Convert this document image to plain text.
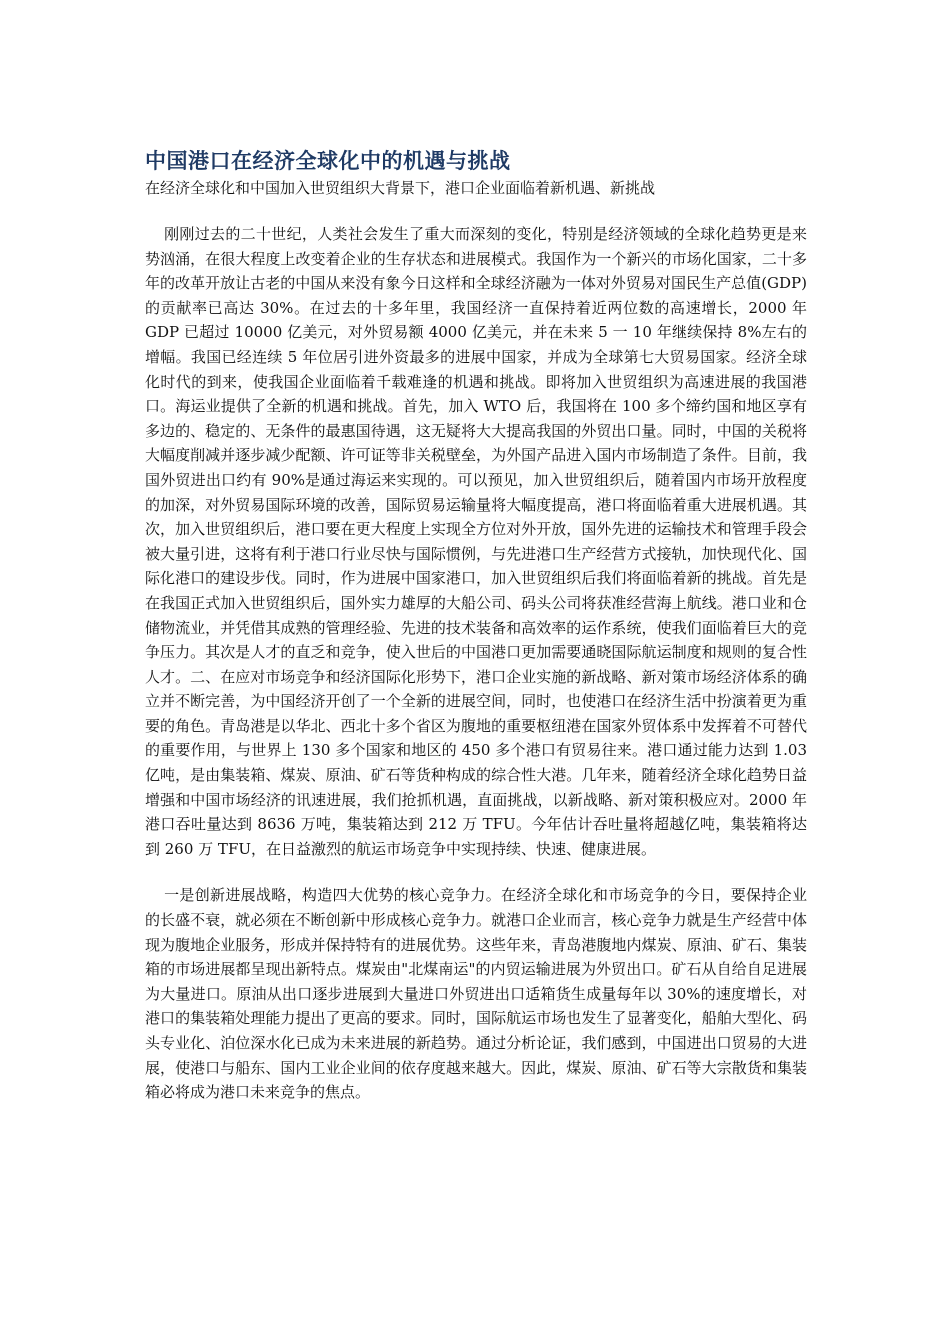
中国港口在经济全球化中的机遇与挑战

在经济全球化和中国加入世贸组织大背景下，港口企业面临着新机遇、新挑战

刚刚过去的二十世纪，人类社会发生了重大而深刻的变化，特别是经济领域的全球化趋势更是来势汹涌，在很大程度上改变着企业的生存状态和进展模式。我国作为一个新兴的市场化国家，二十多年的改革开放让古老的中国从来没有象今日这样和全球经济融为一体对外贸易对国民生产总值(GDP)的贡献率已高达 30%。在过去的十多年里，我国经济一直保持着近两位数的高速增长，2000 年 GDP 已超过 10000 亿美元，对外贸易额 4000 亿美元，并在未来 5 一 10 年继续保持 8%左右的增幅。我国已经连续 5 年位居引进外资最多的进展中国家，并成为全球第七大贸易国家。经济全球化时代的到来，使我国企业面临着千载难逢的机遇和挑战。即将加入世贸组织为高速进展的我国港口。海运业提供了全新的机遇和挑战。首先，加入 WTO 后，我国将在 100 多个缔约国和地区享有多边的、稳定的、无条件的最惠国待遇，这无疑将大大提高我国的外贸出口量。同时，中国的关税将大幅度削减并逐步减少配额、许可证等非关税壁垒，为外国产品进入国内市场制造了条件。目前，我国外贸进出口约有 90%是通过海运来实现的。可以预见，加入世贸组织后，随着国内市场开放程度的加深，对外贸易国际环境的改善，国际贸易运输量将大幅度提高，港口将面临着重大进展机遇。其次，加入世贸组织后，港口要在更大程度上实现全方位对外开放，国外先进的运输技术和管理手段会被大量引进，这将有利于港口行业尽快与国际惯例，与先进港口生产经营方式接轨，加快现代化、国际化港口的建设步伐。同时，作为进展中国家港口，加入世贸组织后我们将面临着新的挑战。首先是在我国正式加入世贸组织后，国外实力雄厚的大船公司、码头公司将获准经营海上航线。港口业和仓储物流业，并凭借其成熟的管理经验、先进的技术装备和高效率的运作系统，使我们面临着巨大的竞争压力。其次是人才的直乏和竞争，使入世后的中国港口更加需要通晓国际航运制度和规则的复合性人才。二、在应对市场竞争和经济国际化形势下，港口企业实施的新战略、新对策市场经济体系的确立并不断完善，为中国经济开创了一个全新的进展空间，同时，也使港口在经济生活中扮演着更为重要的角色。青岛港是以华北、西北十多个省区为腹地的重要枢纽港在国家外贸体系中发挥着不可替代的重要作用，与世界上 130 多个国家和地区的 450 多个港口有贸易往来。港口通过能力达到 1.03 亿吨，是由集装箱、煤炭、原油、矿石等货种构成的综合性大港。几年来，随着经济全球化趋势日益增强和中国市场经济的讯速进展，我们抢抓机遇，直面挑战，以新战略、新对策积极应对。2000 年港口吞吐量达到 8636 万吨，集装箱达到 212 万 TFU。今年估计吞吐量将超越亿吨，集装箱将达到 260 万 TFU，在日益激烈的航运市场竞争中实现持续、快速、健康进展。

一是创新进展战略，构造四大优势的核心竞争力。在经济全球化和市场竞争的今日，要保持企业的长盛不衰，就必须在不断创新中形成核心竞争力。就港口企业而言，核心竞争力就是生产经营中体现为腹地企业服务，形成并保持特有的进展优势。这些年来，青岛港腹地内煤炭、原油、矿石、集装箱的市场进展都呈现出新特点。煤炭由"北煤南运"的内贸运输进展为外贸出口。矿石从自给自足进展为大量进口。原油从出口逐步进展到大量进口外贸进出口适箱货生成量每年以 30%的速度增长，对港口的集装箱处理能力提出了更高的要求。同时，国际航运市场也发生了显著变化，船舶大型化、码头专业化、泊位深水化已成为未来进展的新趋势。通过分析论证，我们感到，中国进出口贸易的大进展，使港口与船东、国内工业企业间的依存度越来越大。因此，煤炭、原油、矿石等大宗散货和集装箱必将成为港口未来竞争的焦点。
